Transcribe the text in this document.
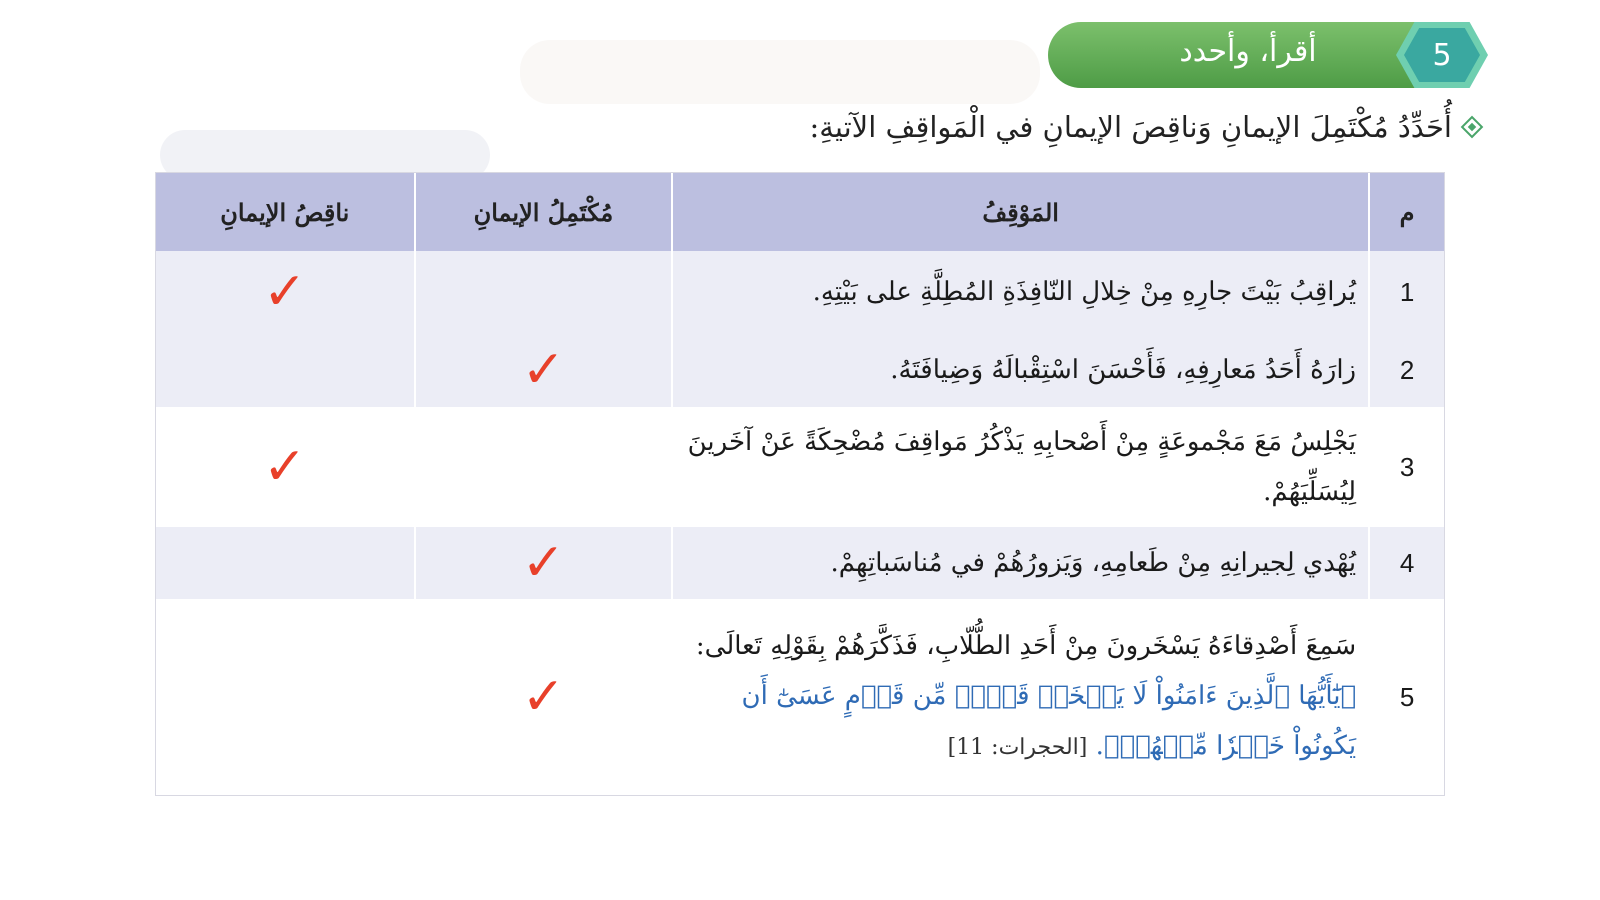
أقرأ، وأحدد	5
أُحَدِّدُ مُكْتَمِلَ الإيمانِ وَناقِصَ الإيمانِ في الْمَواقِفِ الآتيةِ:
م
المَوْقِفُ
مُكْتَمِلُ الإيمانِ
ناقِصُ الإيمانِ
1
يُراقِبُ بَيْتَ جارِهِ مِنْ خِلالِ النّافِذَةِ المُطِلَّةِ على بَيْتِهِ.
✓
2
زارَهُ أَحَدُ مَعارِفِهِ، فَأَحْسَنَ اسْتِقْبالَهُ وَضِيافَتَهُ.
✓
3
يَجْلِسُ مَعَ مَجْموعَةٍ مِنْ أَصْحابِهِ يَذْكُرُ مَواقِفَ مُضْحِكَةً عَنْ آخَرينَ لِيُسَلِّيَهُمْ.
✓
4
يُهْدي لِجيرانِهِ مِنْ طَعامِهِ، وَيَزورُهُمْ في مُناسَباتِهِمْ.
✓
5
سَمِعَ أَصْدِقاءَهُ يَسْخَرونَ مِنْ أَحَدِ الطُّلّابِ، فَذَكَّرَهُمْ بِقَوْلِهِ تَعالَى: ﴿يَٰٓأَيُّهَا ٱلَّذِينَ ءَامَنُواْ لَا يَسۡخَرۡ قَوۡمٞ مِّن قَوۡمٍ عَسَىٰٓ أَن يَكُونُواْ خَيۡرٗا مِّنۡهُمۡ﴾. [الحجرات: 11]
✓
